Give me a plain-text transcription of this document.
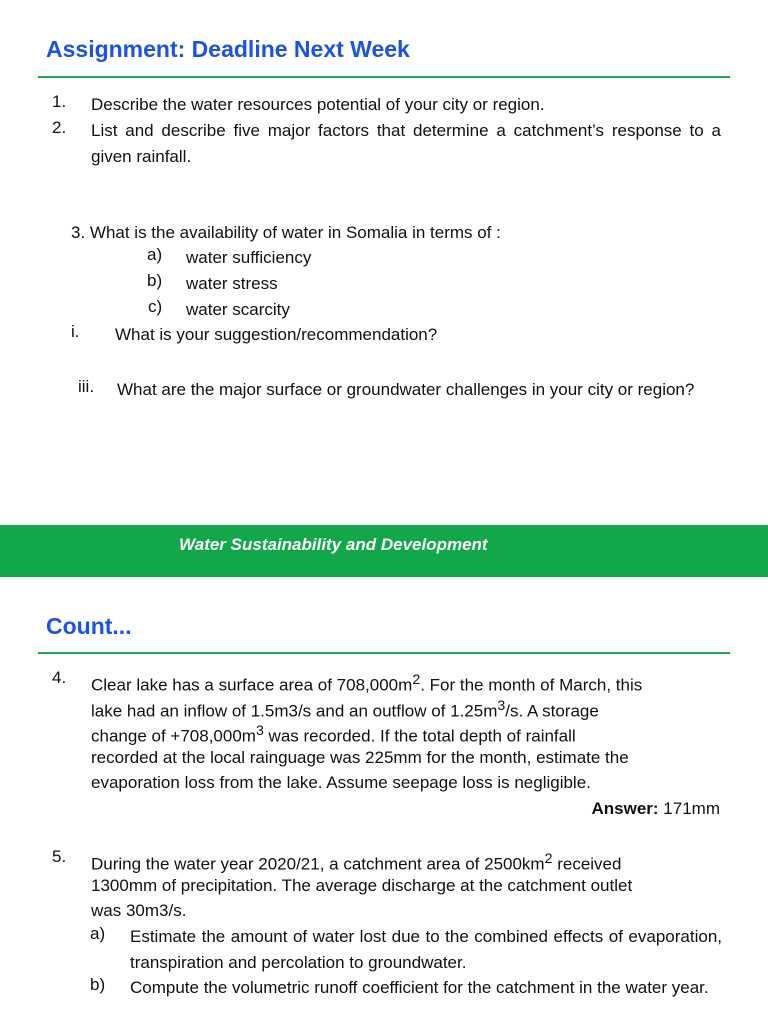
Assignment: Deadline Next Week
1. Describe the water resources potential of your city or region.
2. List and describe five major factors that determine a catchment’s response to a given rainfall.
3. What is the availability of water in Somalia in terms of :
a) water sufficiency
b) water stress
c) water scarcity
i. What is your suggestion/recommendation?
iii. What are the major surface or groundwater challenges in your city or region?

Water Sustainability and Development

Count...
4. Clear lake has a surface area of $708,000m^2$. For the month of March, this
lake had an inflow of 1.5m3/s and an outflow of $1.25m^3/s$. A storage
change of $+708,000m^3$ was recorded. If the total depth of rainfall
recorded at the local rainguage was 225mm for the month, estimate the
evaporation loss from the lake. Assume seepage loss is negligible.
Answer: 171mm
5. During the water year 2020/21, a catchment area of $2500km^2$ received
1300mm of precipitation. The average discharge at the catchment outlet
was 30m3/s.
a) Estimate the amount of water lost due to the combined effects of evaporation, transpiration and percolation to groundwater.
b) Compute the volumetric runoff coefficient for the catchment in the water year.
